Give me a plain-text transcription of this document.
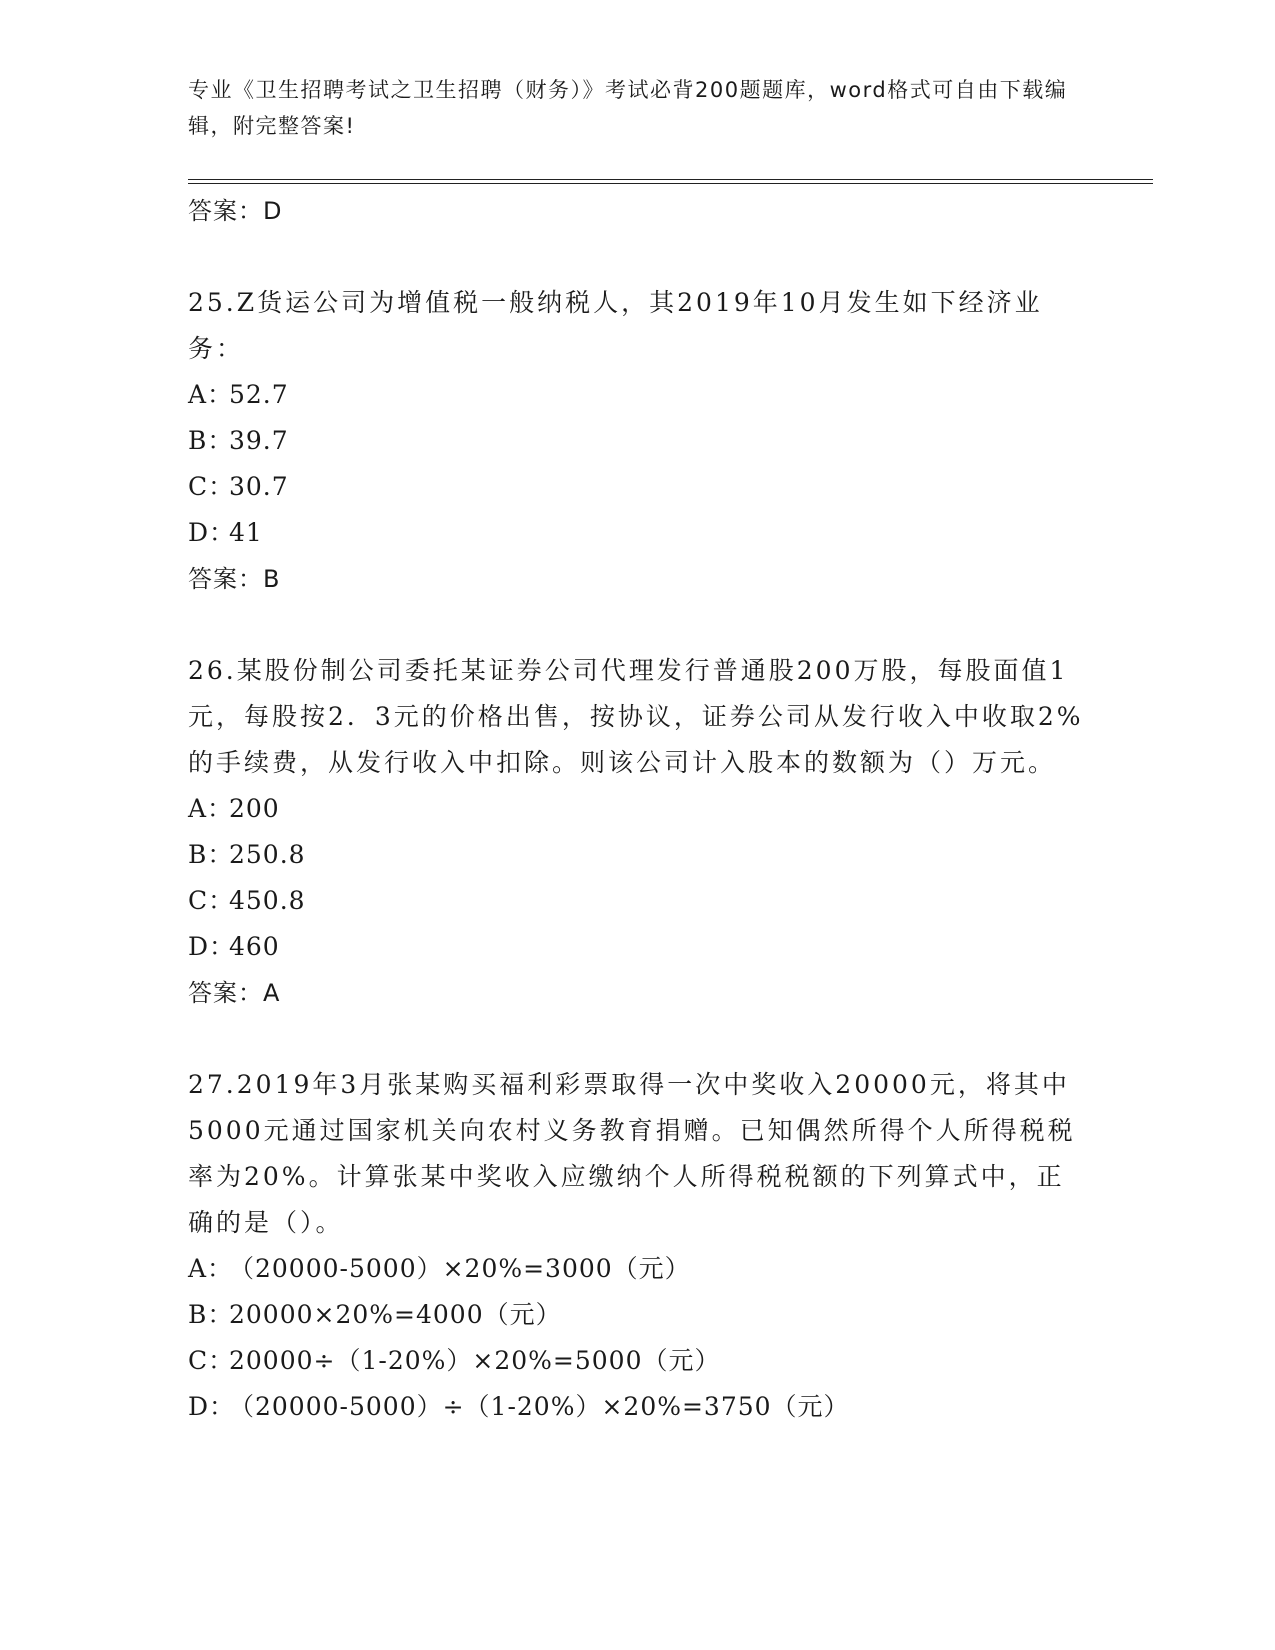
专业《卫生招聘考试之卫生招聘（财务）》考试必背200题题库，word格式可自由下载编辑，附完整答案!
答案：D
25.Z货运公司为增值税一般纳税人，其2019年10月发生如下经济业务：
A：52.7
B：39.7
C：30.7
D：41
答案：B
26.某股份制公司委托某证券公司代理发行普通股200万股，每股面值1元，每股按2．3元的价格出售，按协议，证券公司从发行收入中收取2%的手续费，从发行收入中扣除。则该公司计入股本的数额为（）万元。
A：200
B：250.8
C：450.8
D：460
答案：A
27.2019年3月张某购买福利彩票取得一次中奖收入20000元，将其中5000元通过国家机关向农村义务教育捐赠。已知偶然所得个人所得税税率为20%。计算张某中奖收入应缴纳个人所得税税额的下列算式中，正确的是（）。
A：（20000-5000）×20%=3000（元）
B：20000×20%=4000（元）
C：20000÷（1-20%）×20%=5000（元）
D：（20000-5000）÷（1-20%）×20%=3750（元）
